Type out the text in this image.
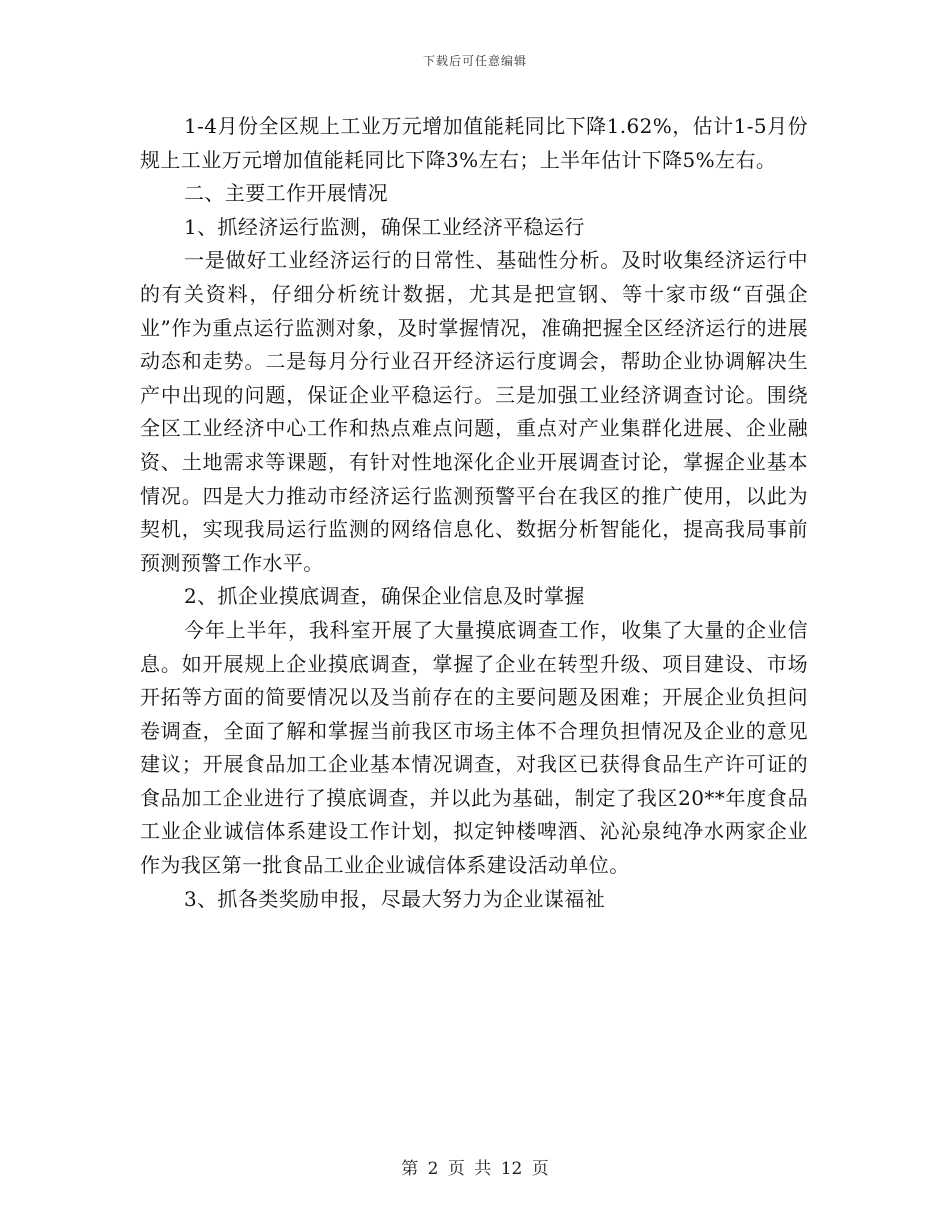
下载后可任意编辑

1-4月份全区规上工业万元增加值能耗同比下降1.62%，估计1-5月份规上工业万元增加值能耗同比下降3%左右；上半年估计下降5%左右。

二、主要工作开展情况

1、抓经济运行监测，确保工业经济平稳运行

一是做好工业经济运行的日常性、基础性分析。及时收集经济运行中的有关资料，仔细分析统计数据，尤其是把宣钢、等十家市级“百强企业”作为重点运行监测对象，及时掌握情况，准确把握全区经济运行的进展动态和走势。二是每月分行业召开经济运行度调会，帮助企业协调解决生产中出现的问题，保证企业平稳运行。三是加强工业经济调查讨论。围绕全区工业经济中心工作和热点难点问题，重点对产业集群化进展、企业融资、土地需求等课题，有针对性地深化企业开展调查讨论，掌握企业基本情况。四是大力推动市经济运行监测预警平台在我区的推广使用，以此为契机，实现我局运行监测的网络信息化、数据分析智能化，提高我局事前预测预警工作水平。

2、抓企业摸底调查，确保企业信息及时掌握

今年上半年，我科室开展了大量摸底调查工作，收集了大量的企业信息。如开展规上企业摸底调查，掌握了企业在转型升级、项目建设、市场开拓等方面的简要情况以及当前存在的主要问题及困难；开展企业负担问卷调查，全面了解和掌握当前我区市场主体不合理负担情况及企业的意见建议；开展食品加工企业基本情况调查，对我区已获得食品生产许可证的食品加工企业进行了摸底调查，并以此为基础，制定了我区20**年度食品工业企业诚信体系建设工作计划，拟定钟楼啤酒、沁沁泉纯净水两家企业作为我区第一批食品工业企业诚信体系建设活动单位。

3、抓各类奖励申报，尽最大努力为企业谋福祉

第 2 页 共 12 页
